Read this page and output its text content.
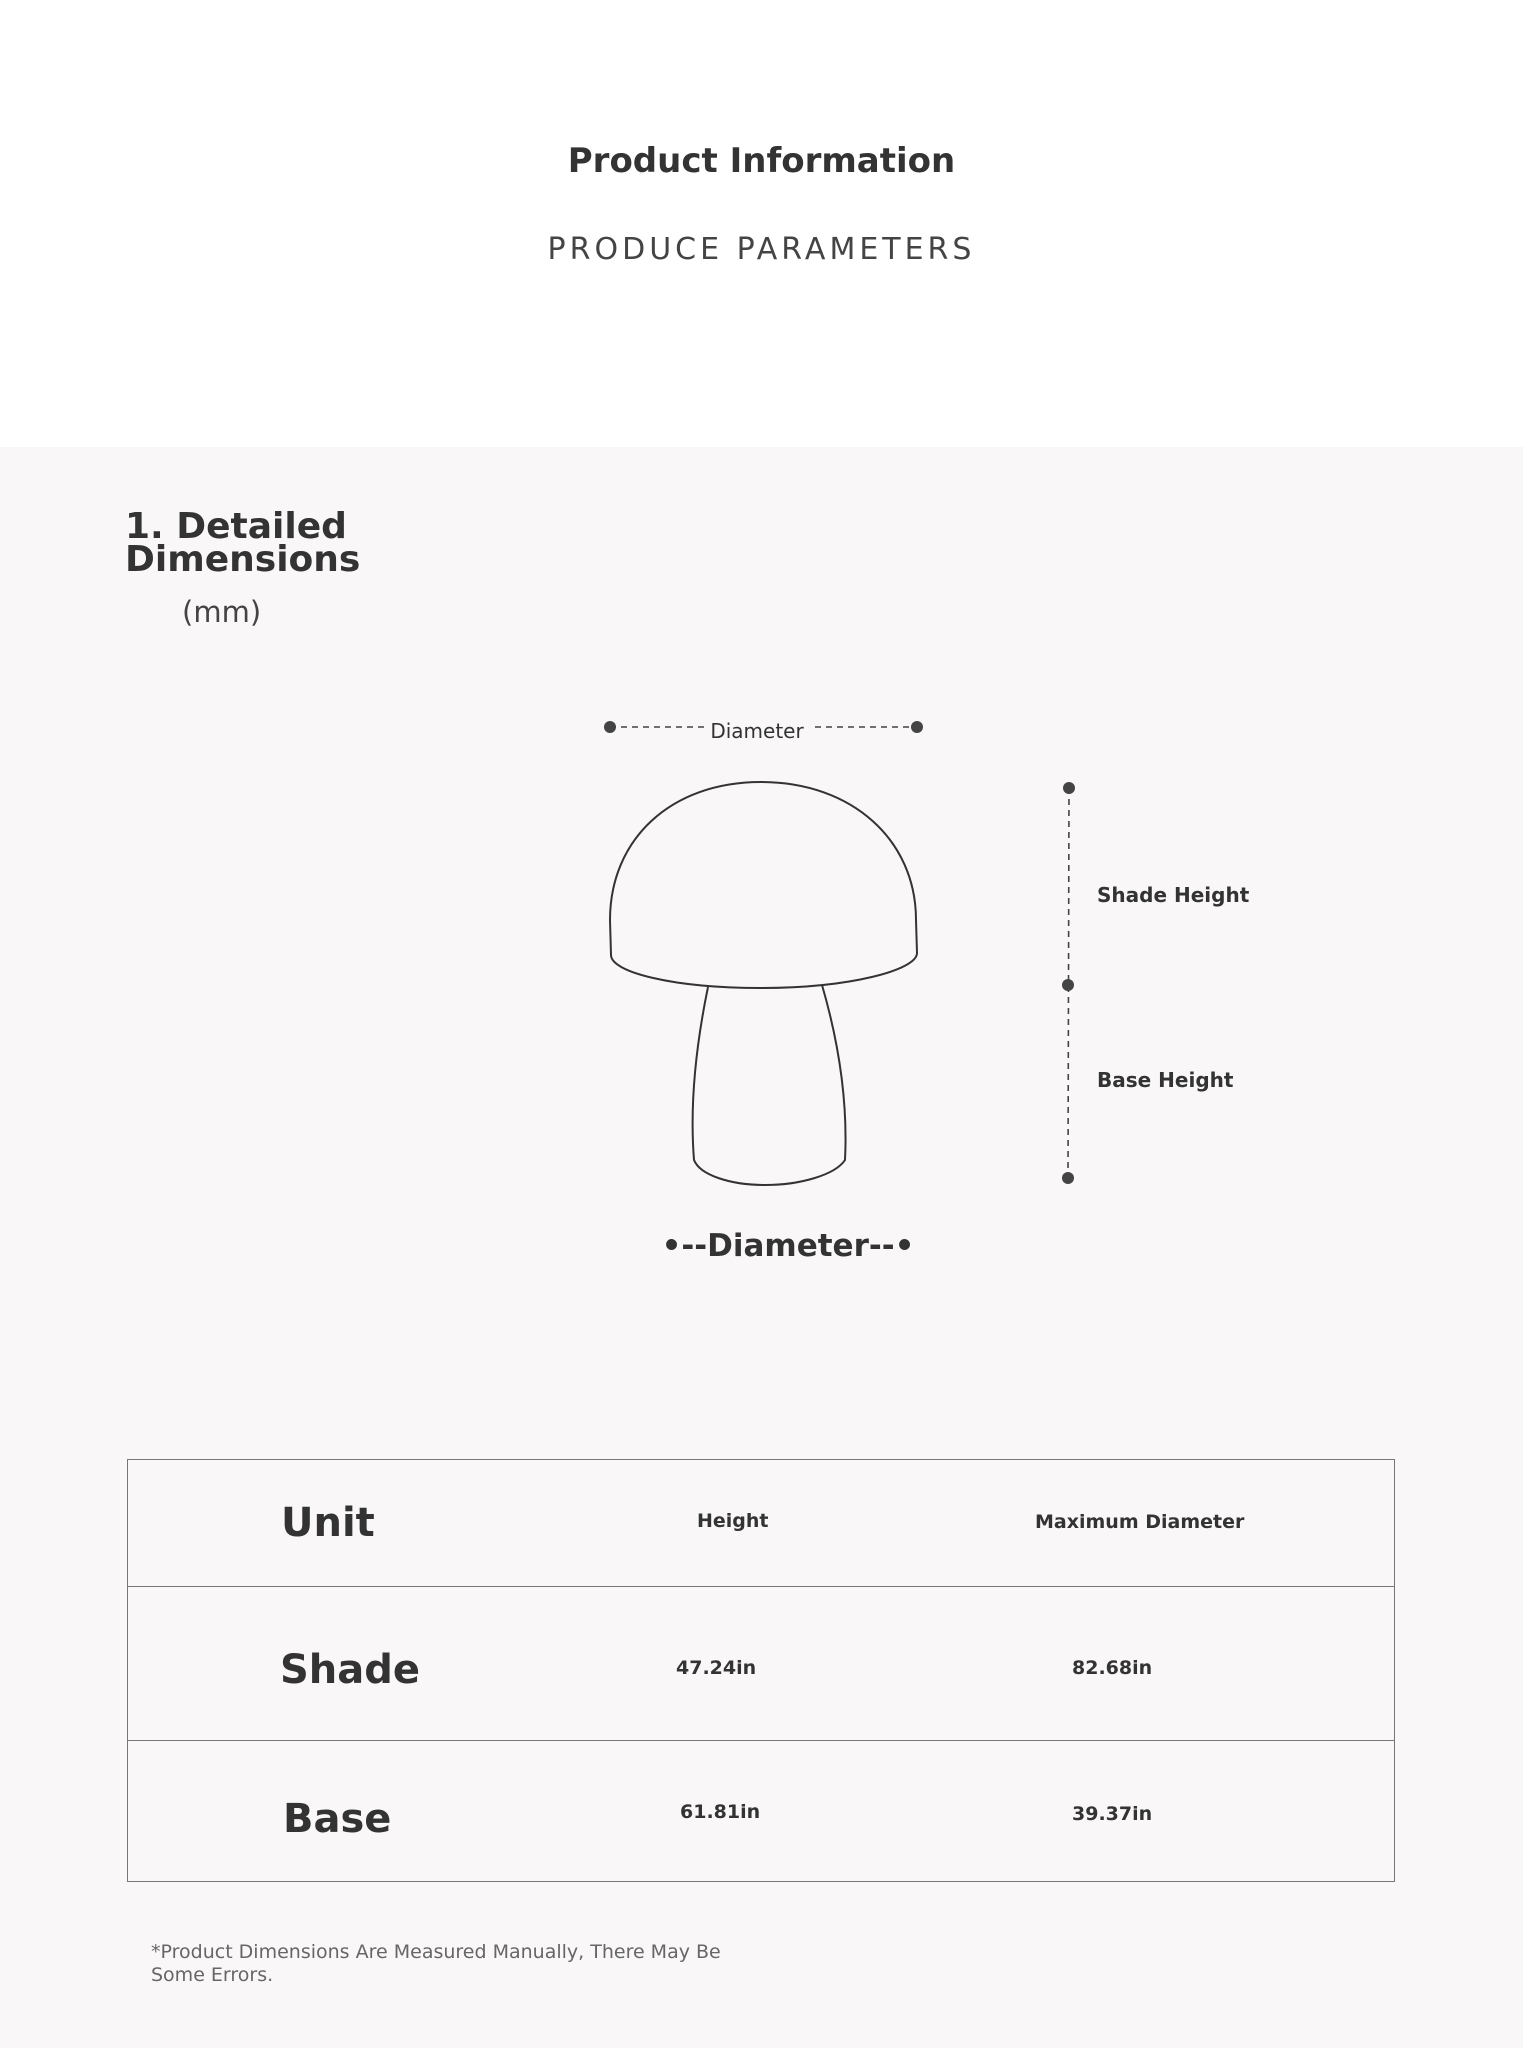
Product Information
PRODUCE PARAMETERS
1. Detailed
Dimensions
(mm)
Diameter
Shade Height
Base Height
•--Diameter--•
Unit	Height	Maximum Diameter
Shade	47.24in	82.68in
Base	61.81in	39.37in
*Product Dimensions Are Measured Manually, There May Be
Some Errors.
